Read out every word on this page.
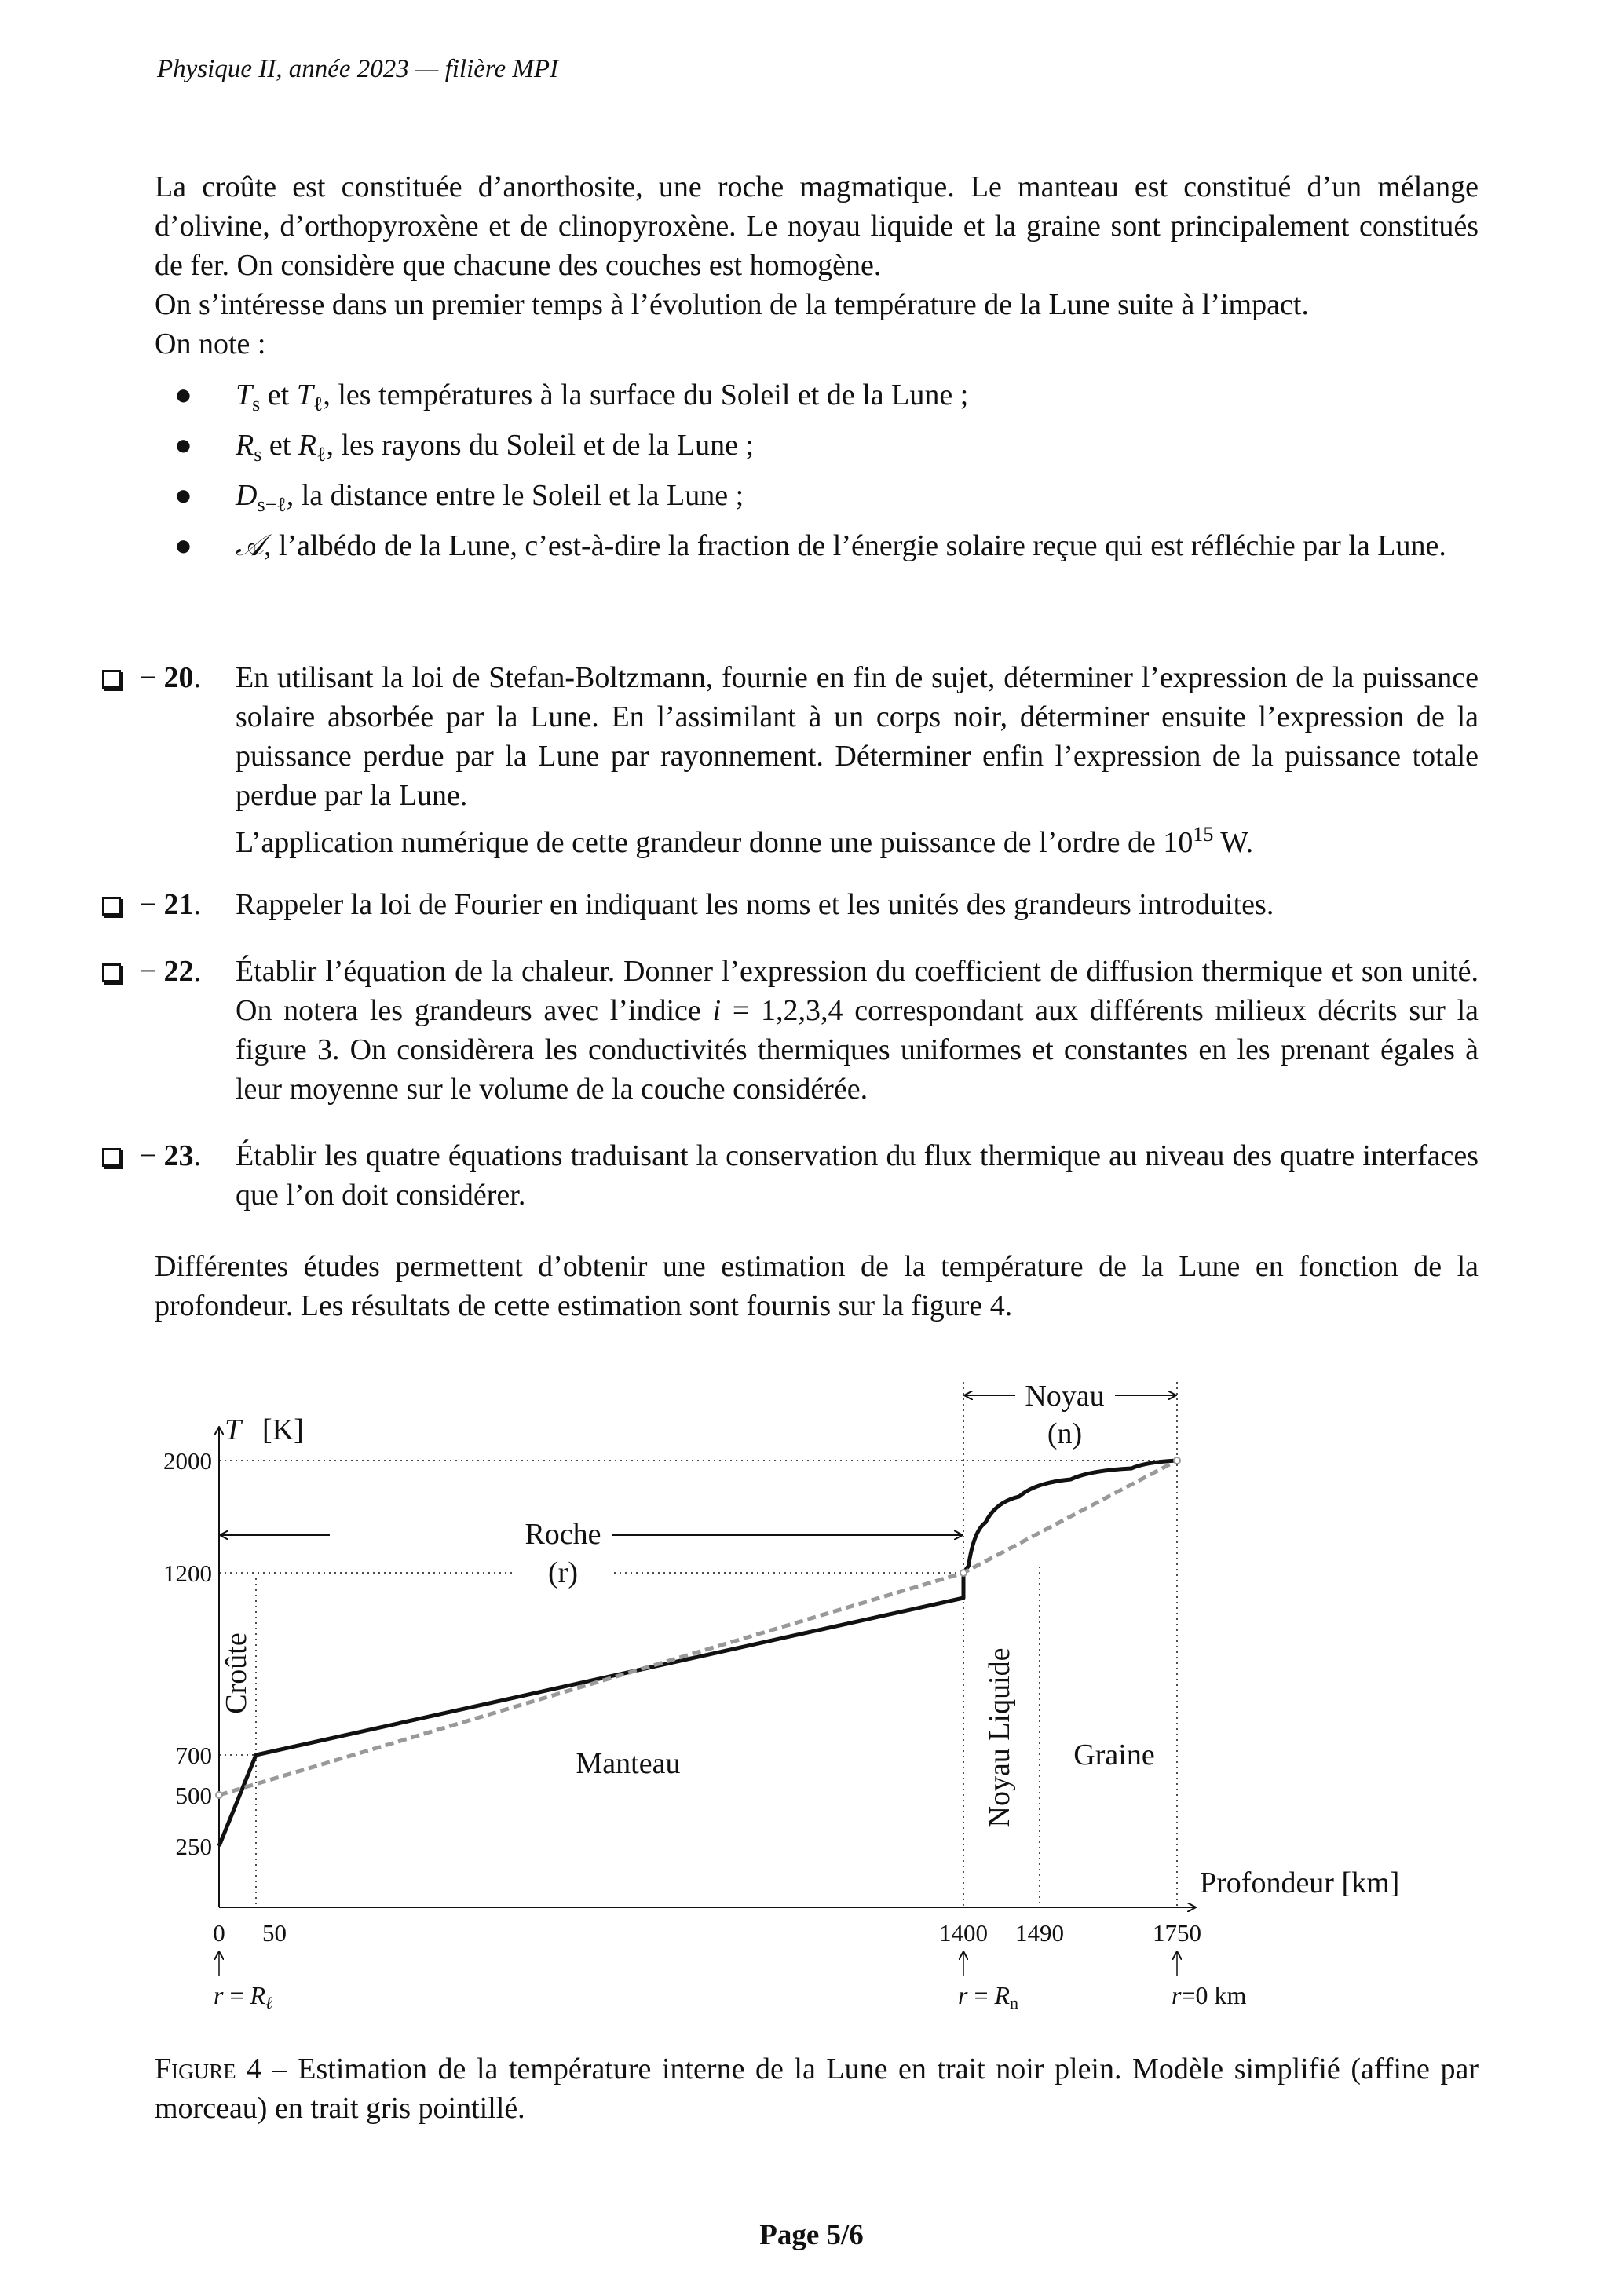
Physique II, année 2023 — filière MPI
La croûte est constituée d’anorthosite, une roche magmatique. Le manteau est constitué d’un mélange d’olivine, d’orthopyroxène et de clinopyroxène. Le noyau liquide et la graine sont principalement constitués de fer. On considère que chacune des couches est homogène.
On s’intéresse dans un premier temps à l’évolution de la température de la Lune suite à l’impact.
On note :
● $T_s$ et $T_\ell$, les températures à la surface du Soleil et de la Lune ;
● $R_s$ et $R_\ell$, les rayons du Soleil et de la Lune ;
● $D_{s-\ell}$, la distance entre le Soleil et la Lune ;
● 𝒜, l’albédo de la Lune, c’est-à-dire la fraction de l’énergie solaire reçue qui est réfléchie par la Lune.
− 20. En utilisant la loi de Stefan-Boltzmann, fournie en fin de sujet, déterminer l’expression de la puissance solaire absorbée par la Lune. En l’assimilant à un corps noir, déterminer ensuite l’expression de la puissance perdue par la Lune par rayonnement. Déterminer enfin l’expression de la puissance totale perdue par la Lune.

L’application numérique de cette grandeur donne une puissance de l’ordre de $10^{15}$ W.

− 21. Rappeler la loi de Fourier en indiquant les noms et les unités des grandeurs introduites.

− 22. Établir l’équation de la chaleur. Donner l’expression du coefficient de diffusion thermique et son unité. On notera les grandeurs avec l’indice i = 1,2,3,4 correspondant aux différents milieux décrits sur la figure 3. On considèrera les conductivités thermiques uniformes et constantes en les prenant égales à leur moyenne sur le volume de la couche considérée.

− 23. Établir les quatre équations traduisant la conservation du flux thermique au niveau des quatre interfaces que l’on doit considérer.

Différentes études permettent d’obtenir une estimation de la température de la Lune en fonction de la profondeur. Les résultats de cette estimation sont fournis sur la figure 4.
T [K]
Profondeur [km]
250
500
700
1200
2000
0 50	1400 1490	1750
Roche
(r)
Noyau
(n)
Croûte
Manteau	Noyau Liquide Graine
r = Rℓ	r = Rn	r=0 km
Figure 4 – Estimation de la température interne de la Lune en trait noir plein. Modèle simplifié (affine par morceau) en trait gris pointillé.
Page 5/6
